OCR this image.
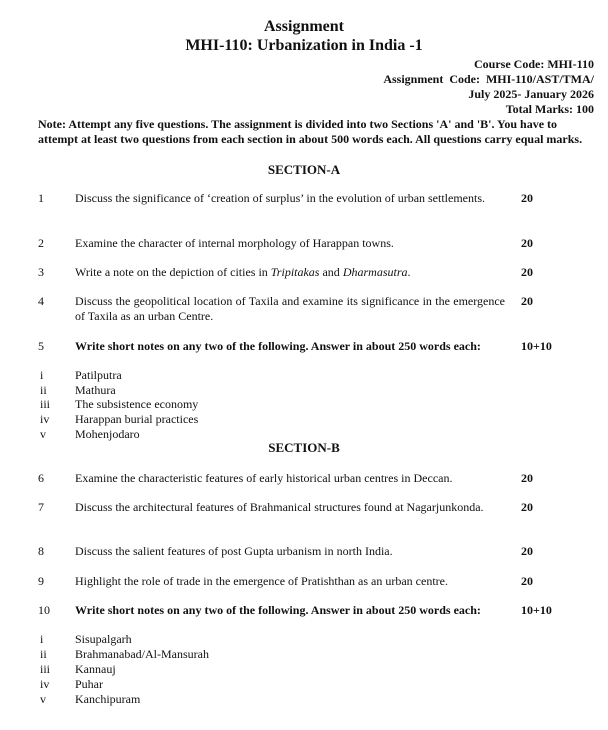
Assignment
MHI-110: Urbanization in India -1
Course Code: MHI-110
Assignment  Code:  MHI-110/AST/TMA/
July 2025- January 2026
Total Marks: 100
Note: Attempt any five questions. The assignment is divided into two Sections 'A' and 'B'. You have to attempt at least two questions from each section in about 500 words each. All questions carry equal marks.
SECTION-A
1	Discuss the significance of ‘creation of surplus’ in the evolution of urban settlements.	20
2	Examine the character of internal morphology of Harappan towns.	20
3	Write a note on the depiction of cities in Tripitakas and Dharmasutra.	20
4	Discuss the geopolitical location of Taxila and examine its significance in the emergence of Taxila as an urban Centre.
20
5	Write short notes on any two of the following. Answer in about 250 words each:	10+10
i	Patilputra
ii Mathura
iii The subsistence economy
iv Harappan burial practices
v Mohenjodaro
SECTION-B
6	Examine the characteristic features of early historical urban centres in Deccan.	20
7	Discuss the architectural features of Brahmanical structures found at Nagarjunkonda.	20
8	Discuss the salient features of post Gupta urbanism in north India.	20
9	Highlight the role of trade in the emergence of Pratishthan as an urban centre.	20
10	Write short notes on any two of the following. Answer in about 250 words each:	10+10
i	Sisupalgarh
ii Brahmanabad/Al-Mansurah
iii Kannauj
iv Puhar
v Kanchipuram
